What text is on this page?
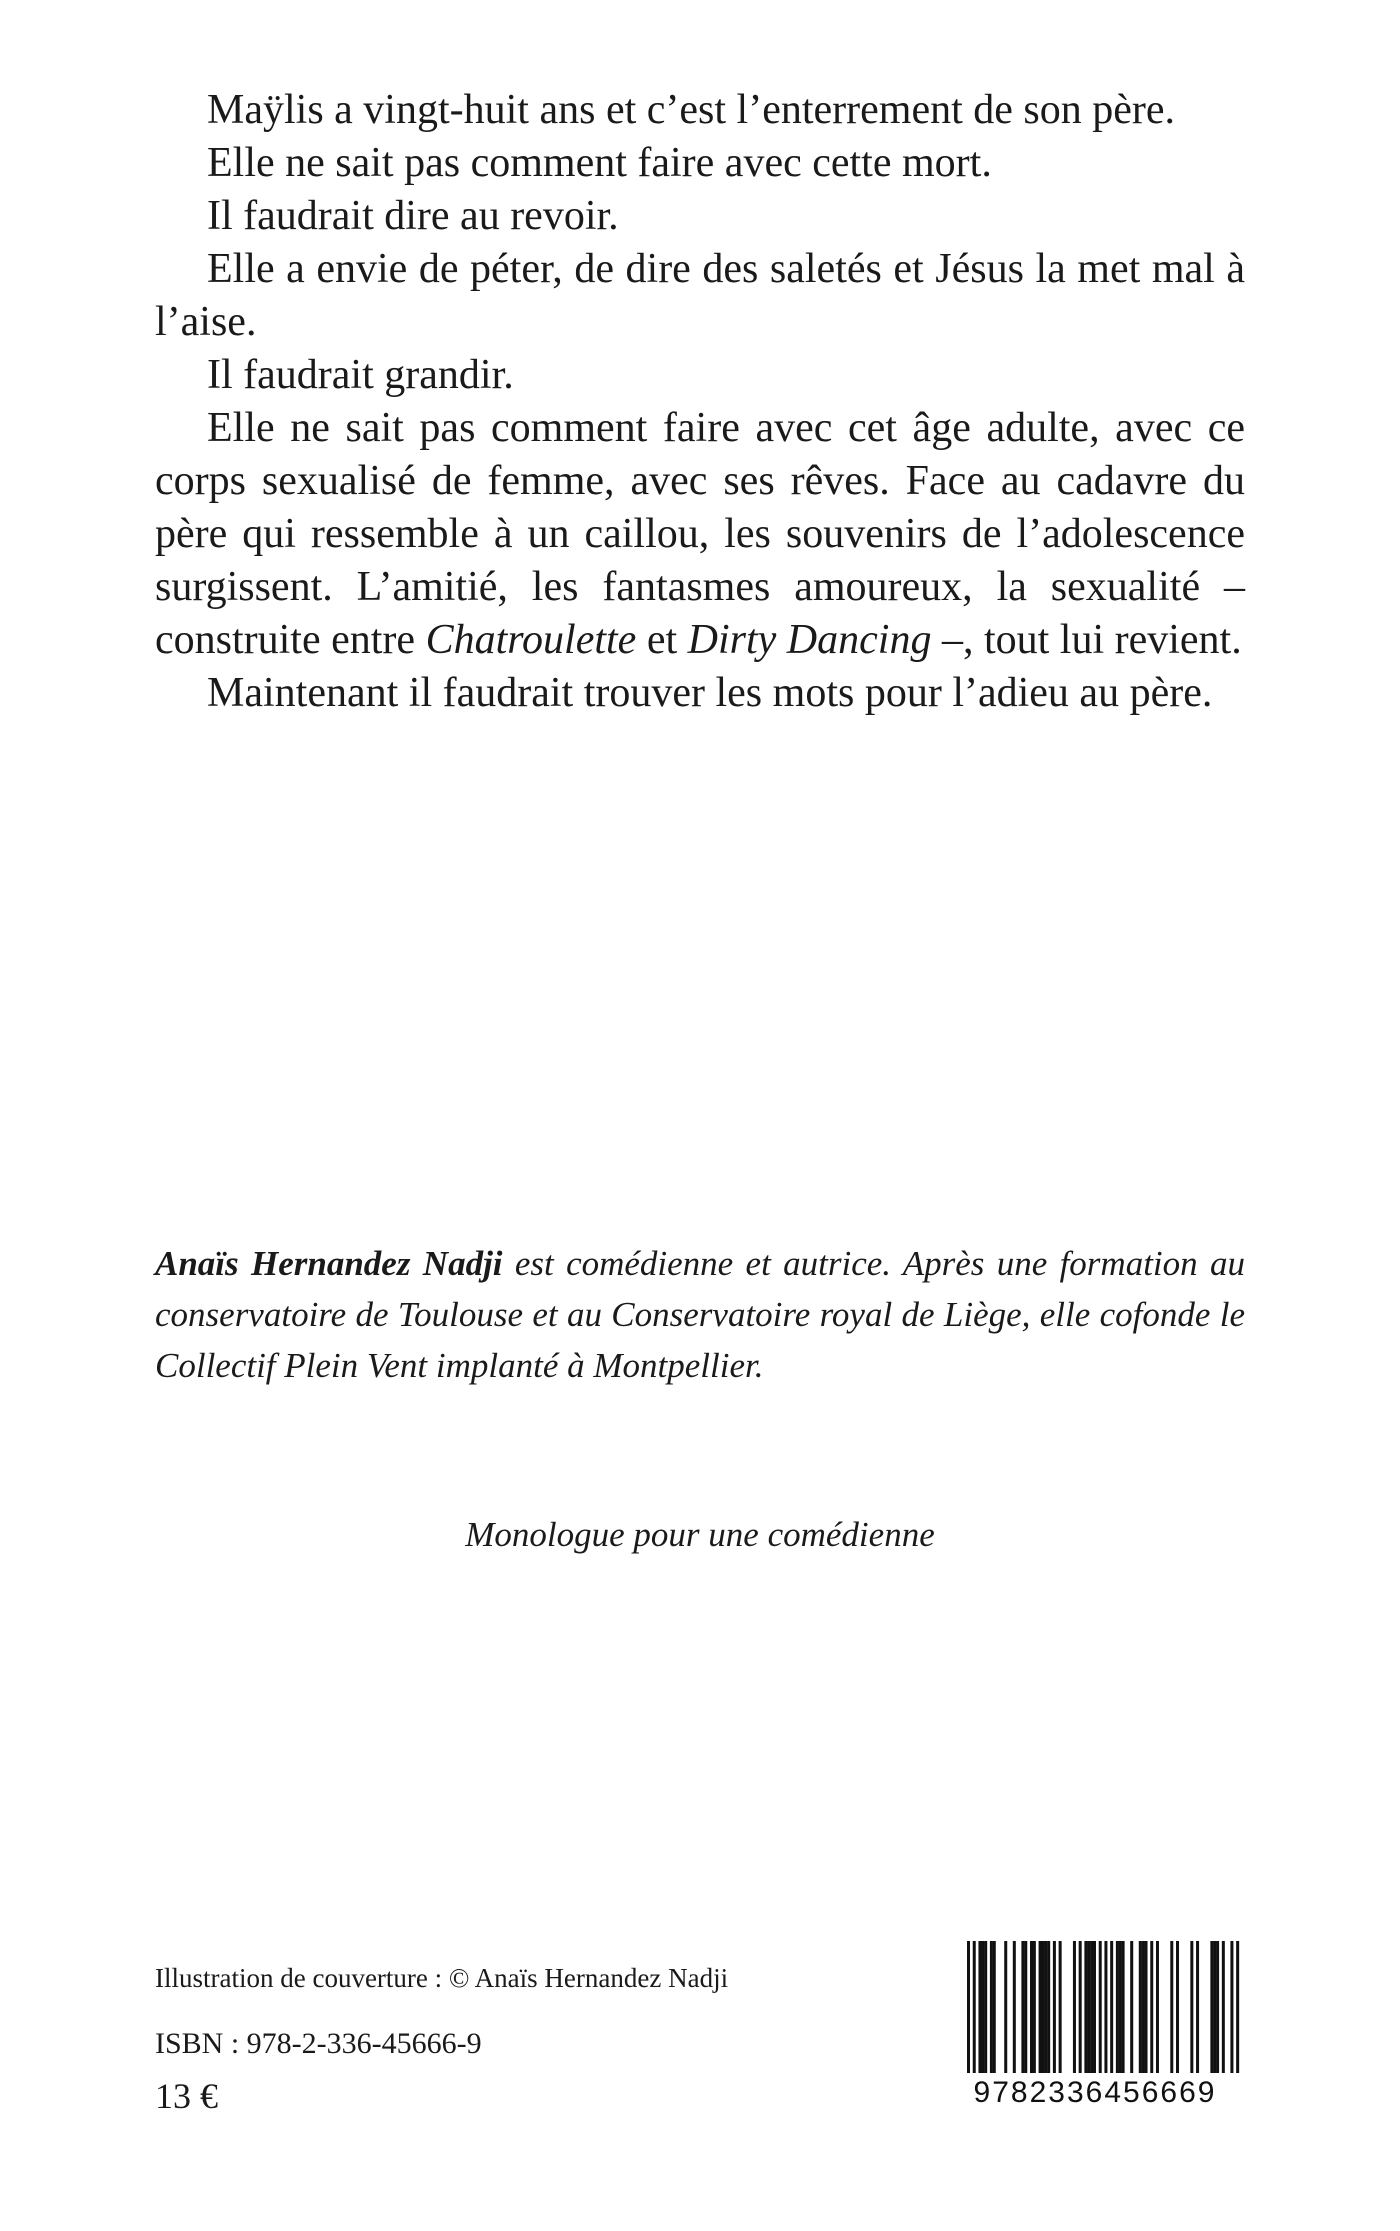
Maÿlis a vingt-huit ans et c’est l’enterrement de son père.

Elle ne sait pas comment faire avec cette mort.

Il faudrait dire au revoir.

Elle a envie de péter, de dire des saletés et Jésus la met mal à l’aise.

Il faudrait grandir.

Elle ne sait pas comment faire avec cet âge adulte, avec ce corps sexualisé de femme, avec ses rêves. Face au cadavre du père qui ressemble à un caillou, les souvenirs de l’adolescence surgissent. L’amitié, les fantasmes amoureux, la sexualité – construite entre Chatroulette et Dirty Dancing –, tout lui revient.

Maintenant il faudrait trouver les mots pour l’adieu au père.

Anaïs Hernandez Nadji est comédienne et autrice. Après une formation au conservatoire de Toulouse et au Conservatoire royal de Liège, elle cofonde le Collectif Plein Vent implanté à Montpellier.

Monologue pour une comédienne

Illustration de couverture : © Anaïs Hernandez Nadji

ISBN : 978-2-336-45666-9

13 €	9782336456669
